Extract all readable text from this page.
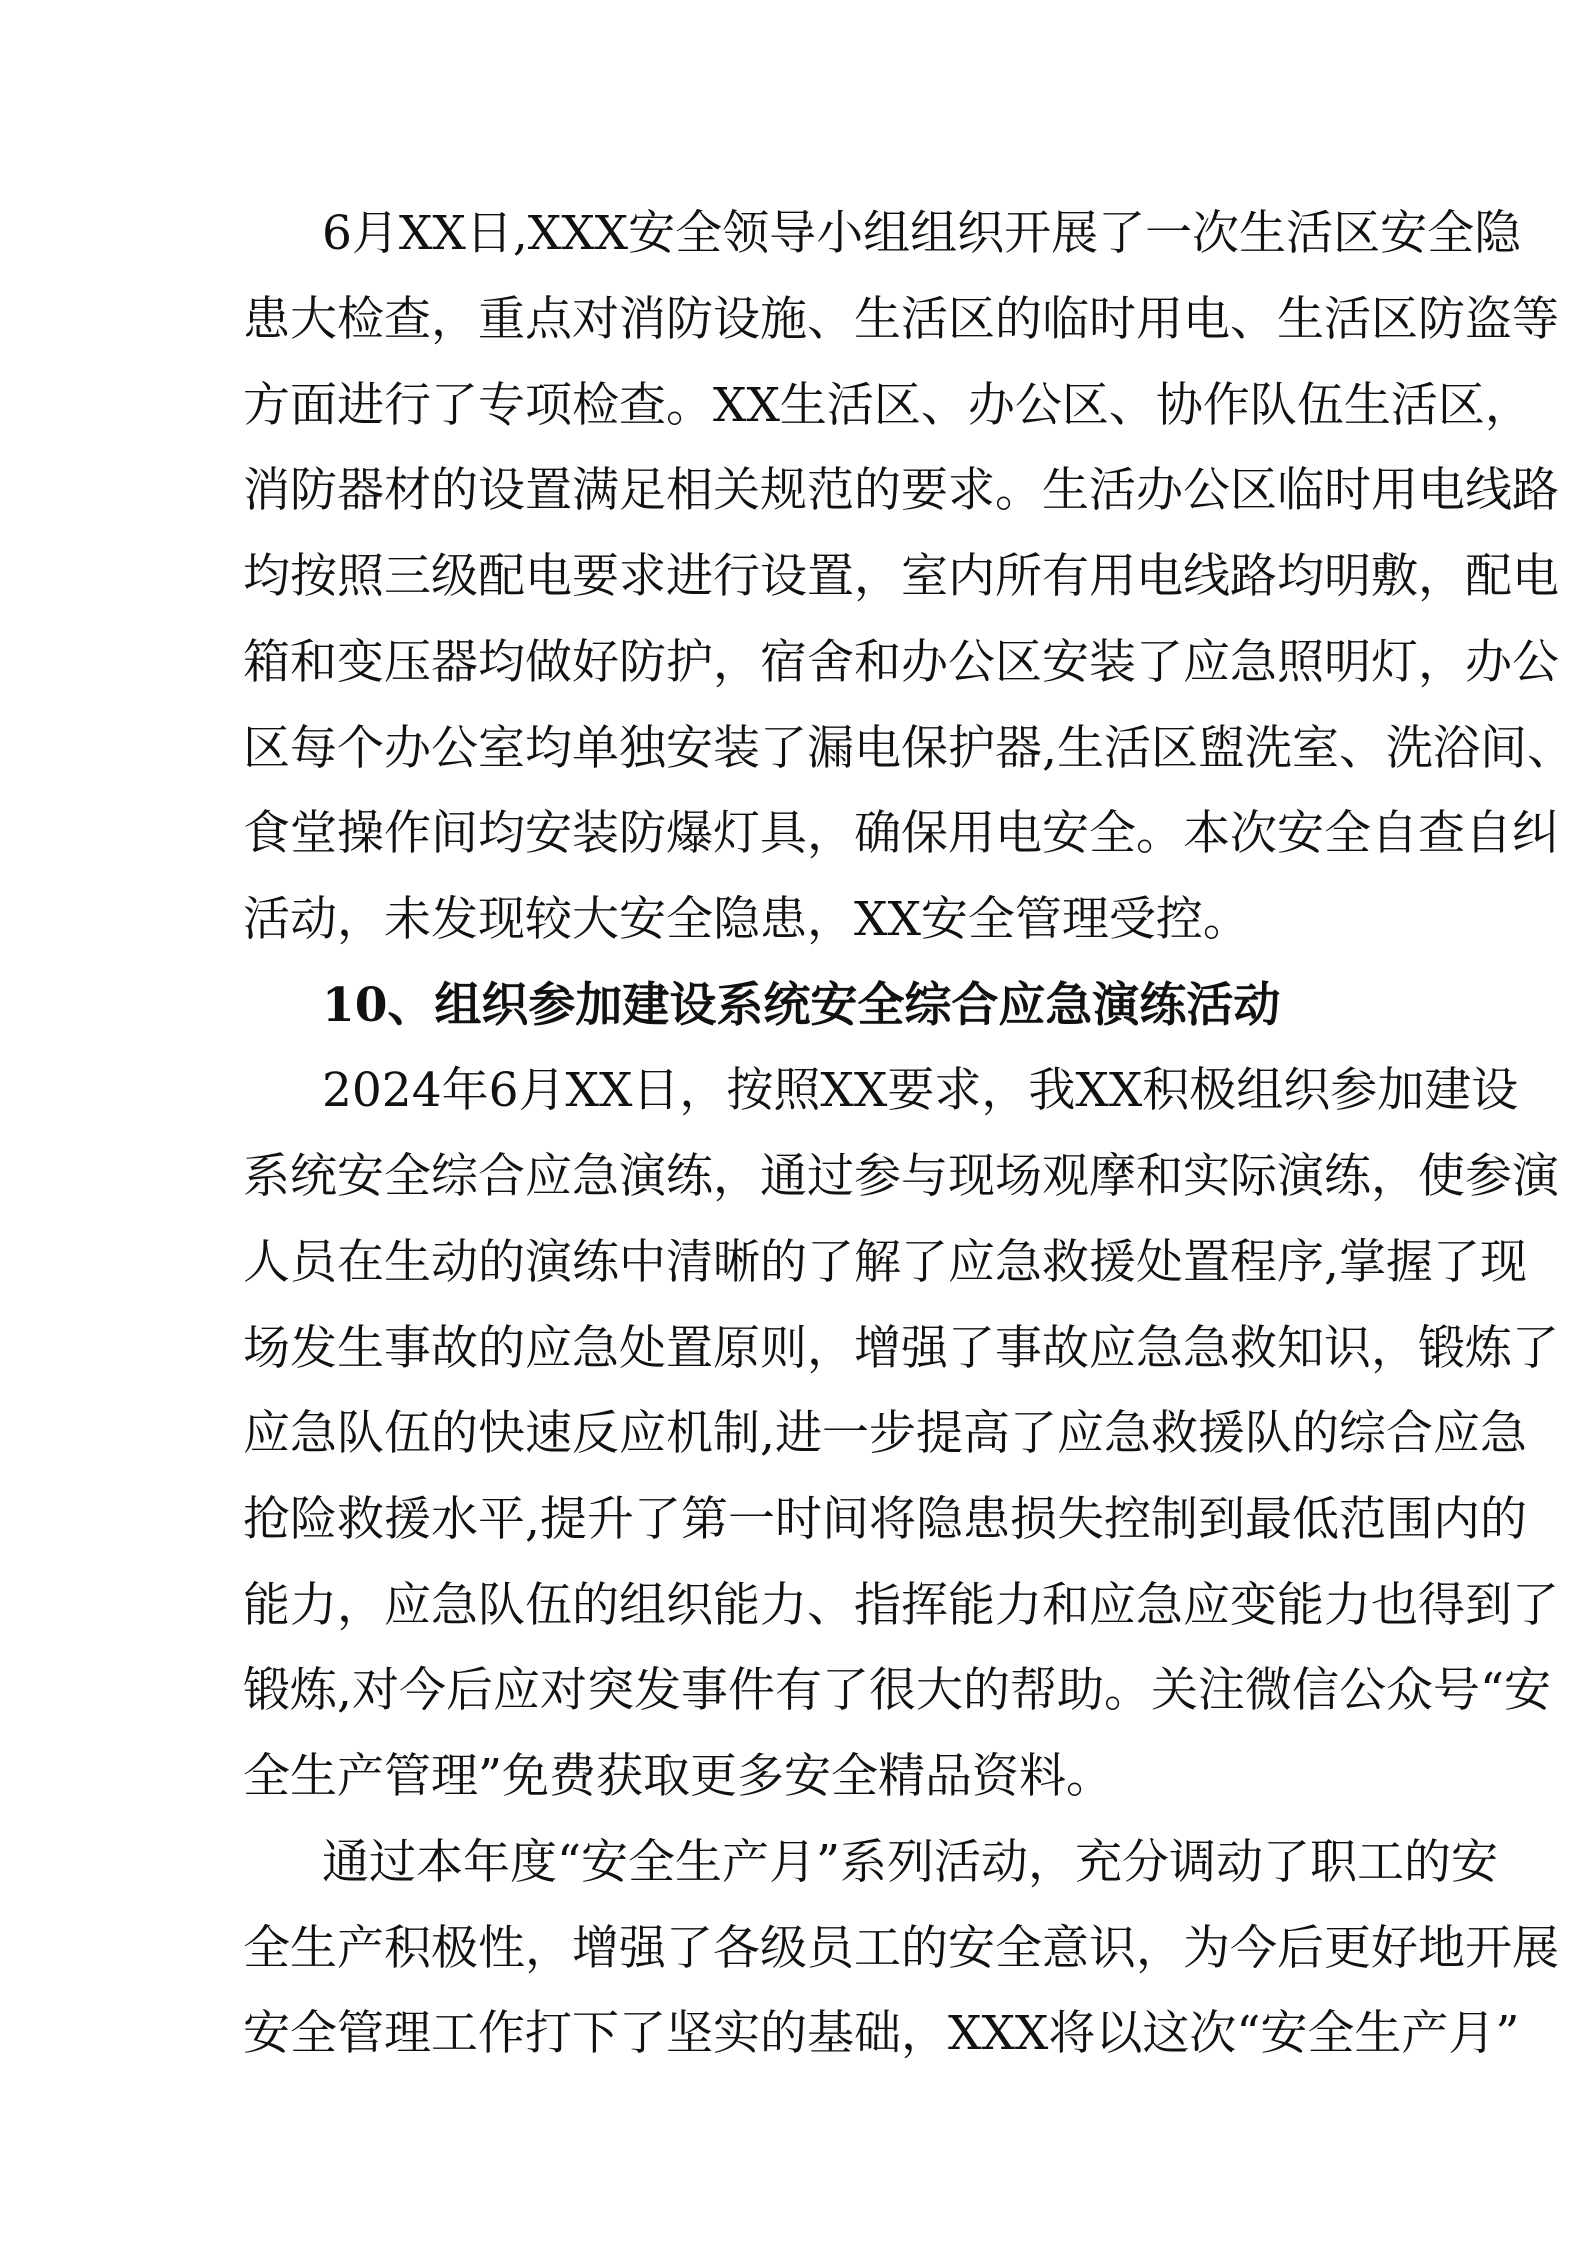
6月XX日,XXX安全领导小组组织开展了一次生活区安全隐
患大检查，重点对消防设施、生活区的临时用电、生活区防盗等
方面进行了专项检查。XX生活区、办公区、协作队伍生活区，
消防器材的设置满足相关规范的要求。生活办公区临时用电线路
均按照三级配电要求进行设置，室内所有用电线路均明敷，配电
箱和变压器均做好防护，宿舍和办公区安装了应急照明灯，办公
区每个办公室均单独安装了漏电保护器,生活区盥洗室、洗浴间、
食堂操作间均安装防爆灯具，确保用电安全。本次安全自查自纠
活动，未发现较大安全隐患，XX安全管理受控。
10、组织参加建设系统安全综合应急演练活动
2024年6月XX日，按照XX要求，我XX积极组织参加建设
系统安全综合应急演练，通过参与现场观摩和实际演练，使参演
人员在生动的演练中清晰的了解了应急救援处置程序,掌握了现
场发生事故的应急处置原则，增强了事故应急急救知识，锻炼了
应急队伍的快速反应机制,进一步提高了应急救援队的综合应急
抢险救援水平,提升了第一时间将隐患损失控制到最低范围内的
能力，应急队伍的组织能力、指挥能力和应急应变能力也得到了
锻炼,对今后应对突发事件有了很大的帮助。关注微信公众号“安
全生产管理”免费获取更多安全精品资料。
通过本年度“安全生产月”系列活动，充分调动了职工的安
全生产积极性，增强了各级员工的安全意识，为今后更好地开展
安全管理工作打下了坚实的基础，XXX将以这次“安全生产月”
